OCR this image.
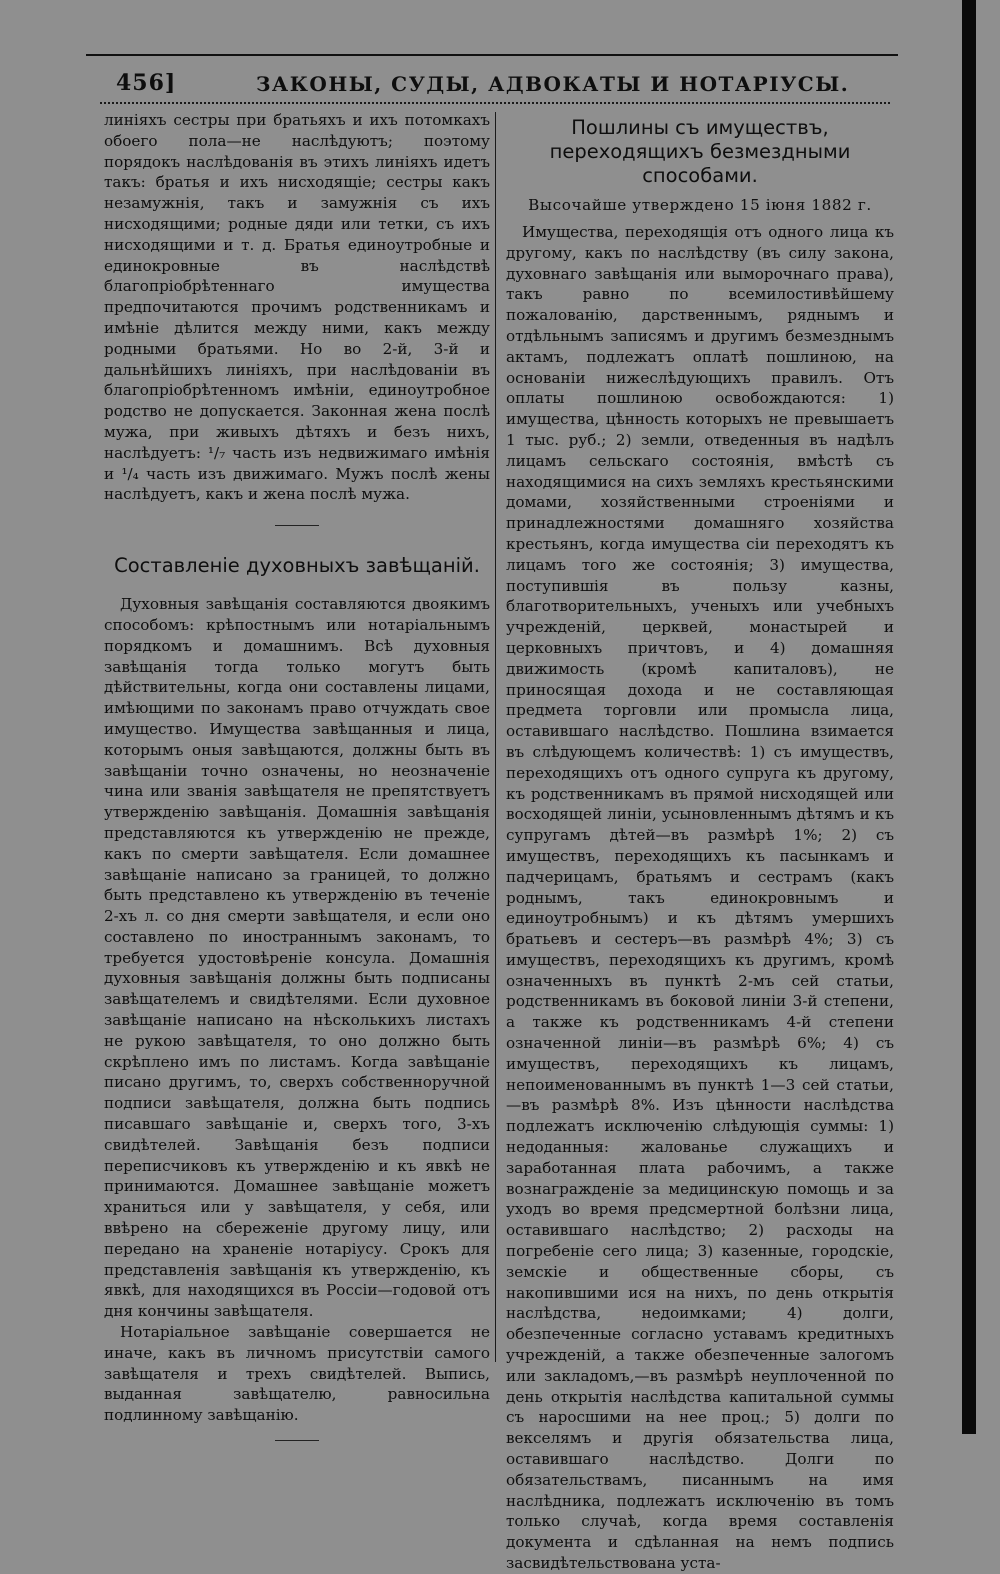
456]	ЗАКОНЫ, СУДЫ, АДВОКАТЫ И НОТАРІУСЫ.

линіяхъ сестры при братьяхъ и ихъ потомкахъ обоего пола—не наслѣдуютъ; поэтому порядокъ наслѣдованія въ этихъ линіяхъ идетъ такъ: братья и ихъ нисходящіе; сестры какъ незамужнія, такъ и замужнія съ ихъ нисходящими; родные дяди или тетки, съ ихъ нисходящими и т. д. Братья единоутробные и единокровные въ наслѣдствѣ благопріобрѣтеннаго имущества предпочитаются прочимъ родственникамъ и имѣніе дѣлится между ними, какъ между родными братьями. Но во 2-й, 3-й и дальнѣйшихъ линіяхъ, при наслѣдованіи въ благопріобрѣтенномъ имѣніи, единоутробное родство не допускается. Законная жена послѣ мужа, при живыхъ дѣтяхъ и безъ нихъ, наслѣдуетъ: ¹/₇ часть изъ недвижимаго имѣнія и ¹/₄ часть изъ движимаго. Мужъ послѣ жены наслѣдуетъ, какъ и жена послѣ мужа.

Составленіе духовныхъ завѣщаній.

Духовныя завѣщанія составляются двоякимъ способомъ: крѣпостнымъ или нотаріальнымъ порядкомъ и домашнимъ. Всѣ духовныя завѣщанія тогда только могутъ быть дѣйствительны, когда они составлены лицами, имѣющими по законамъ право отчуждать свое имущество. Имущества завѣщанныя и лица, которымъ оныя завѣщаются, должны быть въ завѣщаніи точно означены, но неозначеніе чина или званія завѣщателя не препятствуетъ утвержденію завѣщанія. Домашнія завѣщанія представляются къ утвержденію не прежде, какъ по смерти завѣщателя. Если домашнее завѣщаніе написано за границей, то должно быть представлено къ утвержденію въ теченіе 2-хъ л. со дня смерти завѣщателя, и если оно составлено по иностраннымъ законамъ, то требуется удостовѣреніе консула. Домашнія духовныя завѣщанія должны быть подписаны завѣщателемъ и свидѣтелями. Если духовное завѣщаніе написано на нѣсколькихъ листахъ не рукою завѣщателя, то оно должно быть скрѣплено имъ по листамъ. Когда завѣщаніе писано другимъ, то, сверхъ собственноручной подписи завѣщателя, должна быть подпись писавшаго завѣщаніе и, сверхъ того, 3-хъ свидѣтелей. Завѣщанія безъ подписи переписчиковъ къ утвержденію и къ явкѣ не принимаются. Домашнее завѣщаніе можетъ храниться или у завѣщателя, у себя, или ввѣрено на сбереженіе другому лицу, или передано на храненіе нотаріусу. Срокъ для представленія завѣщанія къ утвержденію, къ явкѣ, для находящихся въ Россіи—годовой отъ дня кончины завѣщателя.

Нотаріальное завѣщаніе совершается не иначе, какъ въ личномъ присутствіи самого завѣщателя и трехъ свидѣтелей. Выпись, выданная завѣщателю, равносильна подлинному завѣщанію.

Пошлины съ имуществъ, переходящихъ безмездными способами.
Высочайше утверждено 15 іюня 1882 г.

Имущества, переходящія отъ одного лица къ другому, какъ по наслѣдству (въ силу закона, духовнаго завѣщанія или выморочнаго права), такъ равно по всемилостивѣйшему пожалованію, дарственнымъ, ряднымъ и отдѣльнымъ записямъ и другимъ безмезднымъ актамъ, подлежатъ оплатѣ пошлиною, на основаніи нижеслѣдующихъ правилъ. Отъ оплаты пошлиною освобождаются: 1) имущества, цѣнность которыхъ не превышаетъ 1 тыс. руб.; 2) земли, отведенныя въ надѣлъ лицамъ сельскаго состоянія, вмѣстѣ съ находящимися на сихъ земляхъ крестьянскими домами, хозяйственными строеніями и принадлежностями домашняго хозяйства крестьянъ, когда имущества сіи переходятъ къ лицамъ того же состоянія; 3) имущества, поступившія въ пользу казны, благотворительныхъ, ученыхъ или учебныхъ учрежденій, церквей, монастырей и церковныхъ причтовъ, и 4) домашняя движимость (кромѣ капиталовъ), не приносящая дохода и не составляющая предмета торговли или промысла лица, оставившаго наслѣдство. Пошлина взимается въ слѣдующемъ количествѣ: 1) съ имуществъ, переходящихъ отъ одного супруга къ другому, къ родственникамъ въ прямой нисходящей или восходящей линіи, усыновленнымъ дѣтямъ и къ супругамъ дѣтей—въ размѣрѣ 1%; 2) съ имуществъ, переходящихъ къ пасынкамъ и падчерицамъ, братьямъ и сестрамъ (какъ роднымъ, такъ единокровнымъ и единоутробнымъ) и къ дѣтямъ умершихъ братьевъ и сестеръ—въ размѣрѣ 4%; 3) съ имуществъ, переходящихъ къ другимъ, кромѣ означенныхъ въ пунктѣ 2-мъ сей статьи, родственникамъ въ боковой линіи 3-й степени, а также къ родственникамъ 4-й степени означенной линіи—въ размѣрѣ 6%; 4) съ имуществъ, переходящихъ къ лицамъ, непоименованнымъ въ пунктѣ 1—3 сей статьи,—въ размѣрѣ 8%. Изъ цѣнности наслѣдства подлежатъ исключенію слѣдующія суммы: 1) недоданныя: жалованье служащихъ и заработанная плата рабочимъ, а также вознагражденіе за медицинскую помощь и за уходъ во время предсмертной болѣзни лица, оставившаго наслѣдство; 2) расходы на погребеніе сего лица; 3) казенные, городскіе, земскіе и общественные сборы, съ накопившими ися на нихъ, по день открытія наслѣдства, недоимками; 4) долги, обезпеченные согласно уставамъ кредитныхъ учрежденій, а также обезпеченные залогомъ или закладомъ,—въ размѣрѣ неуплоченной по день открытія наслѣдства капитальной суммы съ наросшими на нее проц.; 5) долги по векселямъ и другія обязательства лица, оставившаго наслѣдство. Долги по обязательствамъ, писаннымъ на имя наслѣдника, подлежатъ исключенію въ томъ только случаѣ, когда время составленія документа и сдѣланная на немъ подпись засвидѣтельствована уста-
